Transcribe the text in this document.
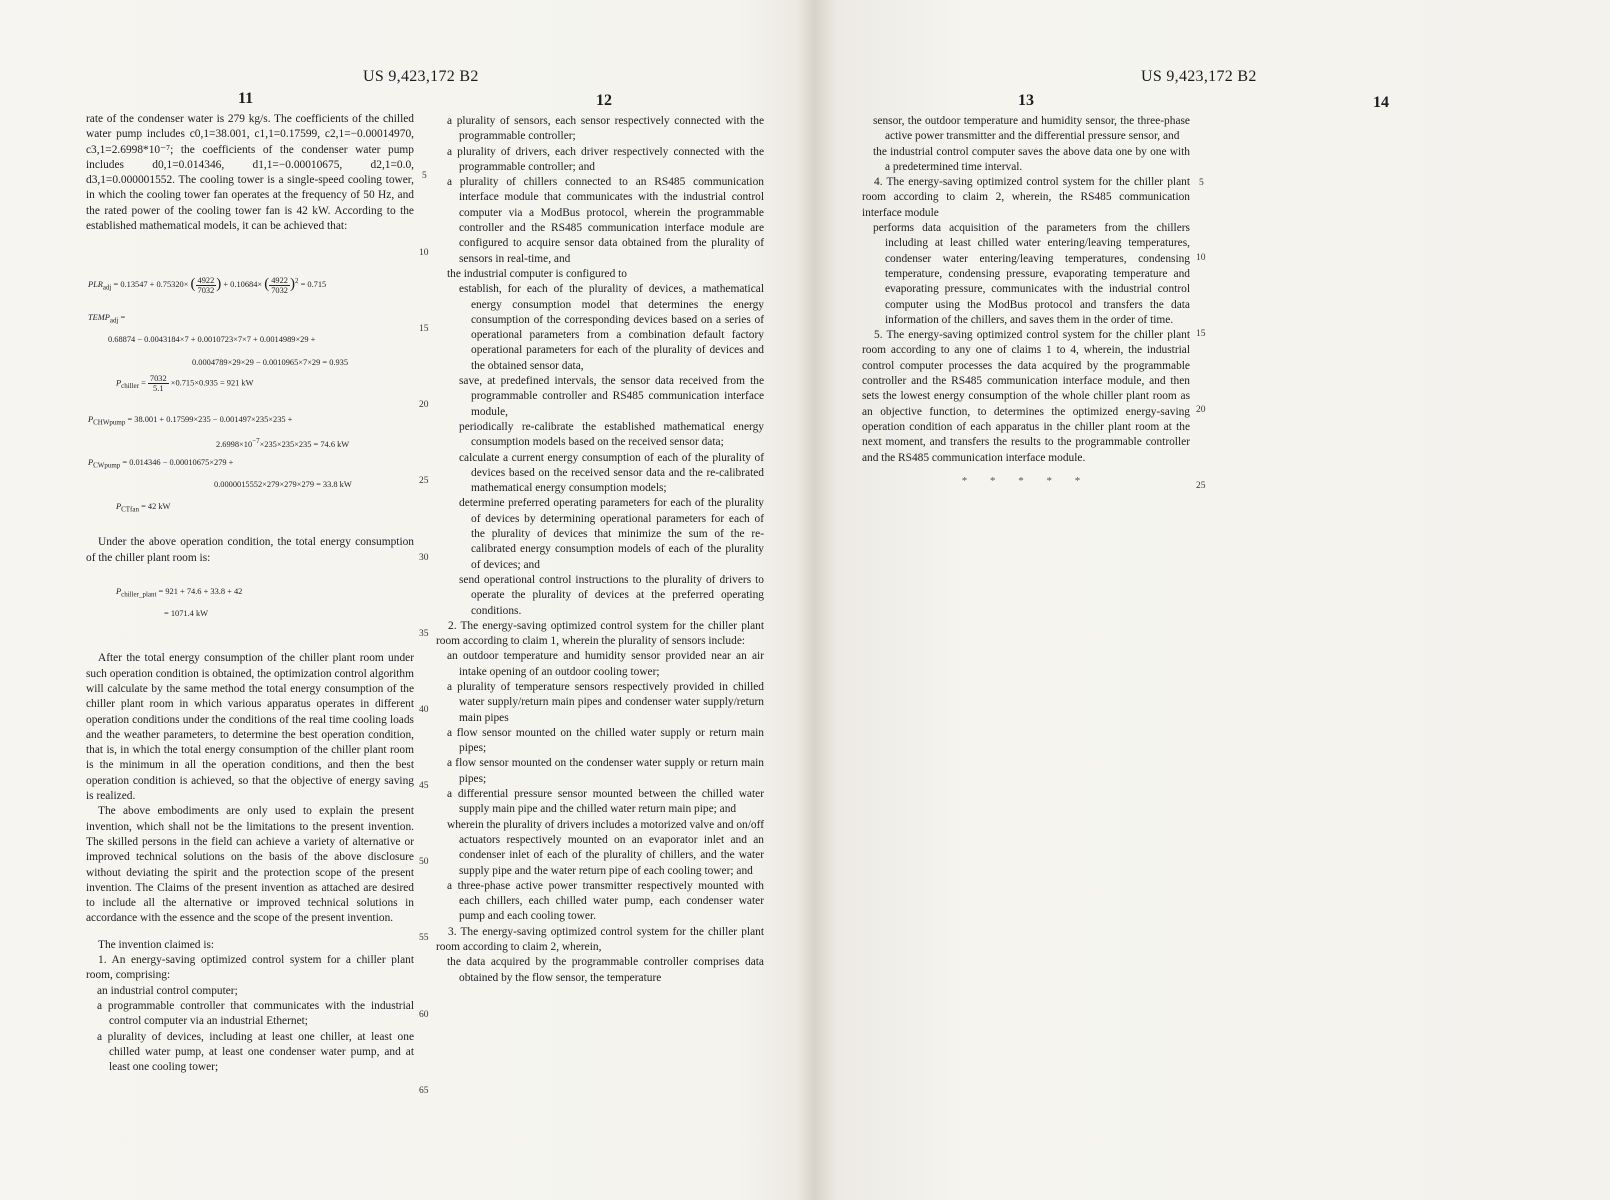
US 9,423,172 B2
11	12

rate of the condenser water is 279 kg/s. The coefficients of the chilled water pump includes c0,1=38.001, c1,1=0.17599, c2,1=−0.00014970, c3,1=2.6998*10⁻⁷; the coefficients of the condenser water pump includes d0,1=0.014346, d1,1=−0.00010675, d2,1=0.0, d3,1=0.000001552. The cooling tower is a single-speed cooling tower, in which the cooling tower fan operates at the frequency of 50 Hz, and the rated power of the cooling tower fan is 42 kW. According to the established mathematical models, it can be achieved that:

$PLR_{adj} = 0.13547 + 0.75320\times$ ( $\frac{4922}{7032}$ ) + 0.10684× ( $\frac{4922}{7032} )^2 = 0.715$
$TEMP_{adj}$ =
0.68874 − 0.0043184×7 + 0.0010723×7×7 + 0.0014989×29 +
0.0004789×29×29 − 0.0010965×7×29 = 0.935
$P_{chiller} = \frac{7032}{5.1} \times 0.715\times 0.935 = 921$ kW
$P_{CHWpump} = 38.001 + 0.17599\times 235 - 0.001497\times 235\times 235$ +
$2.6998\times 10^{-7}\times 235\times 235\times 235 = 74.6$ kW
$P_{CWpump} = 0.014346 - 0.00010675\times 279$ +
0.0000015552×279×279×279 = 33.8 kW
$P_{CTfan} = 42$ kW

Under the above operation condition, the total energy consumption of the chiller plant room is:

$P_{chiller\_plant} = 921 + 74.6 + 33.8 + 42$
= 1071.4 kW

After the total energy consumption of the chiller plant room under such operation condition is obtained, the optimization control algorithm will calculate by the same method the total energy consumption of the chiller plant room in which various apparatus operates in different operation conditions under the conditions of the real time cooling loads and the weather parameters, to determine the best operation condition, that is, in which the total energy consumption of the chiller plant room is the minimum in all the operation conditions, and then the best operation condition is achieved, so that the objective of energy saving is realized.

The above embodiments are only used to explain the present invention, which shall not be the limitations to the present invention. The skilled persons in the field can achieve a variety of alternative or improved technical solutions on the basis of the above disclosure without deviating the spirit and the protection scope of the present invention. The Claims of the present invention as attached are desired to include all the alternative or improved technical solutions in accordance with the essence and the scope of the present invention.

The invention claimed is:

1. An energy-saving optimized control system for a chiller plant room, comprising:

an industrial control computer;

a programmable controller that communicates with the industrial control computer via an industrial Ethernet;

a plurality of devices, including at least one chiller, at least one chilled water pump, at least one condenser water pump, and at least one cooling tower;

5
10
15
20
25
30
35
40
45
50
55
60
65

a plurality of sensors, each sensor respectively connected with the programmable controller;

a plurality of drivers, each driver respectively connected with the programmable controller; and

a plurality of chillers connected to an RS485 communication interface module that communicates with the industrial control computer via a ModBus protocol, wherein the programmable controller and the RS485 communication interface module are configured to acquire sensor data obtained from the plurality of sensors in real-time, and

the industrial computer is configured to

establish, for each of the plurality of devices, a mathematical energy consumption model that determines the energy consumption of the corresponding devices based on a series of operational parameters from a combination default factory operational parameters for each of the plurality of devices and the obtained sensor data,

save, at predefined intervals, the sensor data received from the programmable controller and RS485 communication interface module,

periodically re-calibrate the established mathematical energy consumption models based on the received sensor data;

calculate a current energy consumption of each of the plurality of devices based on the received sensor data and the re-calibrated mathematical energy consumption models;

determine preferred operating parameters for each of the plurality of devices by determining operational parameters for each of the plurality of devices that minimize the sum of the re-calibrated energy consumption models of each of the plurality of devices; and

send operational control instructions to the plurality of drivers to operate the plurality of devices at the preferred operating conditions.

2. The energy-saving optimized control system for the chiller plant room according to claim 1, wherein the plurality of sensors include:

an outdoor temperature and humidity sensor provided near an air intake opening of an outdoor cooling tower;

a plurality of temperature sensors respectively provided in chilled water supply/return main pipes and condenser water supply/return main pipes

a flow sensor mounted on the chilled water supply or return main pipes;

a flow sensor mounted on the condenser water supply or return main pipes;

a differential pressure sensor mounted between the chilled water supply main pipe and the chilled water return main pipe; and

wherein the plurality of drivers includes a motorized valve and on/off actuators respectively mounted on an evaporator inlet and an condenser inlet of each of the plurality of chillers, and the water supply pipe and the water return pipe of each cooling tower; and

a three-phase active power transmitter respectively mounted with each chillers, each chilled water pump, each condenser water pump and each cooling tower.

3. The energy-saving optimized control system for the chiller plant room according to claim 2, wherein,

the data acquired by the programmable controller comprises data obtained by the flow sensor, the temperature

US 9,423,172 B2
13	14

sensor, the outdoor temperature and humidity sensor, the three-phase active power transmitter and the differential pressure sensor, and

the industrial control computer saves the above data one by one with a predetermined time interval.

4. The energy-saving optimized control system for the chiller plant room according to claim 2, wherein, the RS485 communication interface module

performs data acquisition of the parameters from the chillers including at least chilled water entering/leaving temperatures, condenser water entering/leaving temperatures, condensing temperature, condensing pressure, evaporating temperature and evaporating pressure, communicates with the industrial control computer using the ModBus protocol and transfers the data information of the chillers, and saves them in the order of time.

5. The energy-saving optimized control system for the chiller plant room according to any one of claims 1 to 4, wherein, the industrial control computer processes the data acquired by the programmable controller and the RS485 communication interface module, and then sets the lowest energy consumption of the whole chiller plant room as an objective function, to determines the optimized energy-saving operation condition of each apparatus in the chiller plant room at the next moment, and transfers the results to the programmable controller and the RS485 communication interface module.

* * * * *
5
10
15
20
25
